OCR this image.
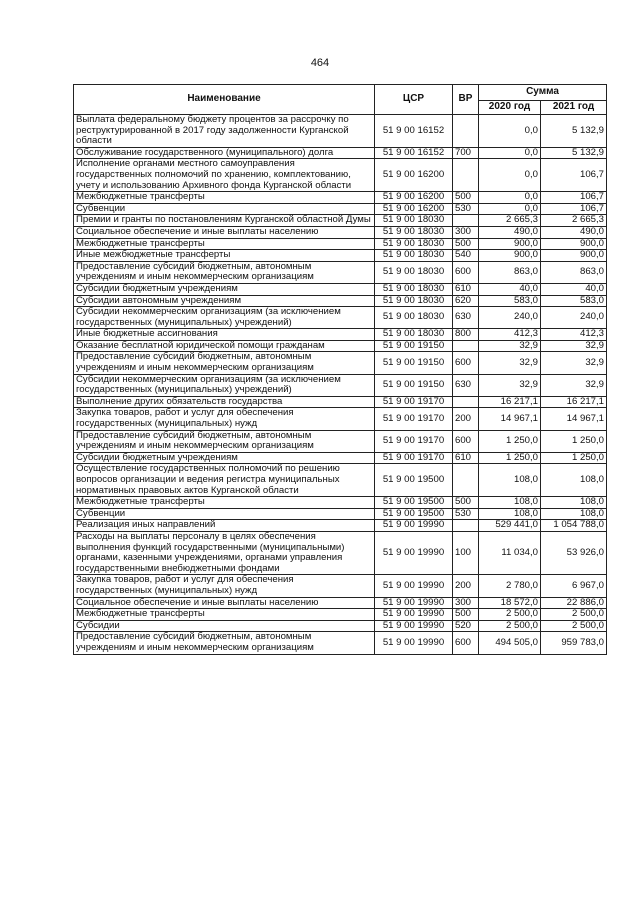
464
Наименование	ЦСР	ВР	Сумма	
			2020 год	2021 год
Выплата федеральному бюджету процентов за рассрочку по реструктурированной в 2017 году задолженности Курганской области	51 9 00 16152		0,0	5 132,9
Обслуживание государственного (муниципального) долга	51 9 00 16152	700	0,0	5 132,9
Исполнение органами местного самоуправления государственных полномочий по хранению, комплектованию, учету и использованию Архивного фонда Курганской области	51 9 00 16200		0,0	106,7
Межбюджетные трансферты	51 9 00 16200	500	0,0	106,7
Субвенции	51 9 00 16200	530	0,0	106,7
Премии и гранты по постановлениям Курганской областной Думы	51 9 00 18030		2 665,3	2 665,3
Социальное обеспечение и иные выплаты населению	51 9 00 18030	300	490,0	490,0
Межбюджетные трансферты	51 9 00 18030	500	900,0	900,0
Иные межбюджетные трансферты	51 9 00 18030	540	900,0	900,0
Предоставление субсидий бюджетным, автономным учреждениям и иным некоммерческим организациям	51 9 00 18030	600	863,0	863,0
Субсидии бюджетным учреждениям	51 9 00 18030	610	40,0	40,0
Субсидии автономным учреждениям	51 9 00 18030	620	583,0	583,0
Субсидии некоммерческим организациям (за исключением государственных (муниципальных) учреждений)	51 9 00 18030	630	240,0	240,0
Иные бюджетные ассигнования	51 9 00 18030	800	412,3	412,3
Оказание бесплатной юридической помощи гражданам	51 9 00 19150		32,9	32,9
Предоставление субсидий бюджетным, автономным учреждениям и иным некоммерческим организациям	51 9 00 19150	600	32,9	32,9
Субсидии некоммерческим организациям (за исключением государственных (муниципальных) учреждений)	51 9 00 19150	630	32,9	32,9
Выполнение других обязательств государства	51 9 00 19170		16 217,1	16 217,1
Закупка товаров, работ и услуг для обеспечения государственных (муниципальных) нужд	51 9 00 19170	200	14 967,1	14 967,1
Предоставление субсидий бюджетным, автономным учреждениям и иным некоммерческим организациям	51 9 00 19170	600	1 250,0	1 250,0
Субсидии бюджетным учреждениям	51 9 00 19170	610	1 250,0	1 250,0
Осуществление государственных полномочий по решению вопросов организации и ведения регистра муниципальных нормативных правовых актов Курганской области	51 9 00 19500		108,0	108,0
Межбюджетные трансферты	51 9 00 19500	500	108,0	108,0
Субвенции	51 9 00 19500	530	108,0	108,0
Реализация иных направлений	51 9 00 19990		529 441,0	1 054 788,0
Расходы на выплаты персоналу в целях обеспечения выполнения функций государственными (муниципальными) органами, казенными учреждениями, органами управления государственными внебюджетными фондами	51 9 00 19990	100	11 034,0	53 926,0
Закупка товаров, работ и услуг для обеспечения государственных (муниципальных) нужд	51 9 00 19990	200	2 780,0	6 967,0
Социальное обеспечение и иные выплаты населению	51 9 00 19990	300	18 572,0	22 886,0
Межбюджетные трансферты	51 9 00 19990	500	2 500,0	2 500,0
Субсидии	51 9 00 19990	520	2 500,0	2 500,0
Предоставление субсидий бюджетным, автономным учреждениям и иным некоммерческим организациям	51 9 00 19990	600	494 505,0	959 783,0
